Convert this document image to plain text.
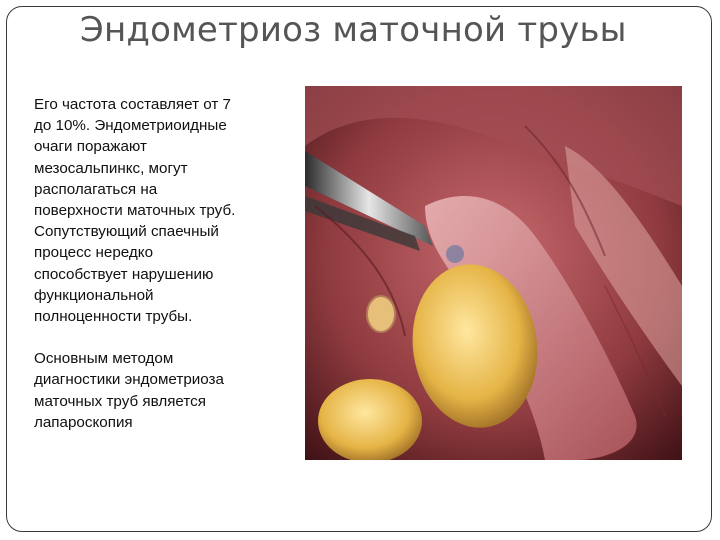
Эндометриоз маточной труьы

Его частота составляет от 7
до 10%. Эндометриоидные
очаги поражают
мезосальпинкс, могут
располагаться на
поверхности маточных труб.
Сопутствующий спаечный
процесс нередко
способствует нарушению
функциональной
полноценности трубы.

Основным методом
диагностики эндометриоза
маточных труб является
лапароскопия
